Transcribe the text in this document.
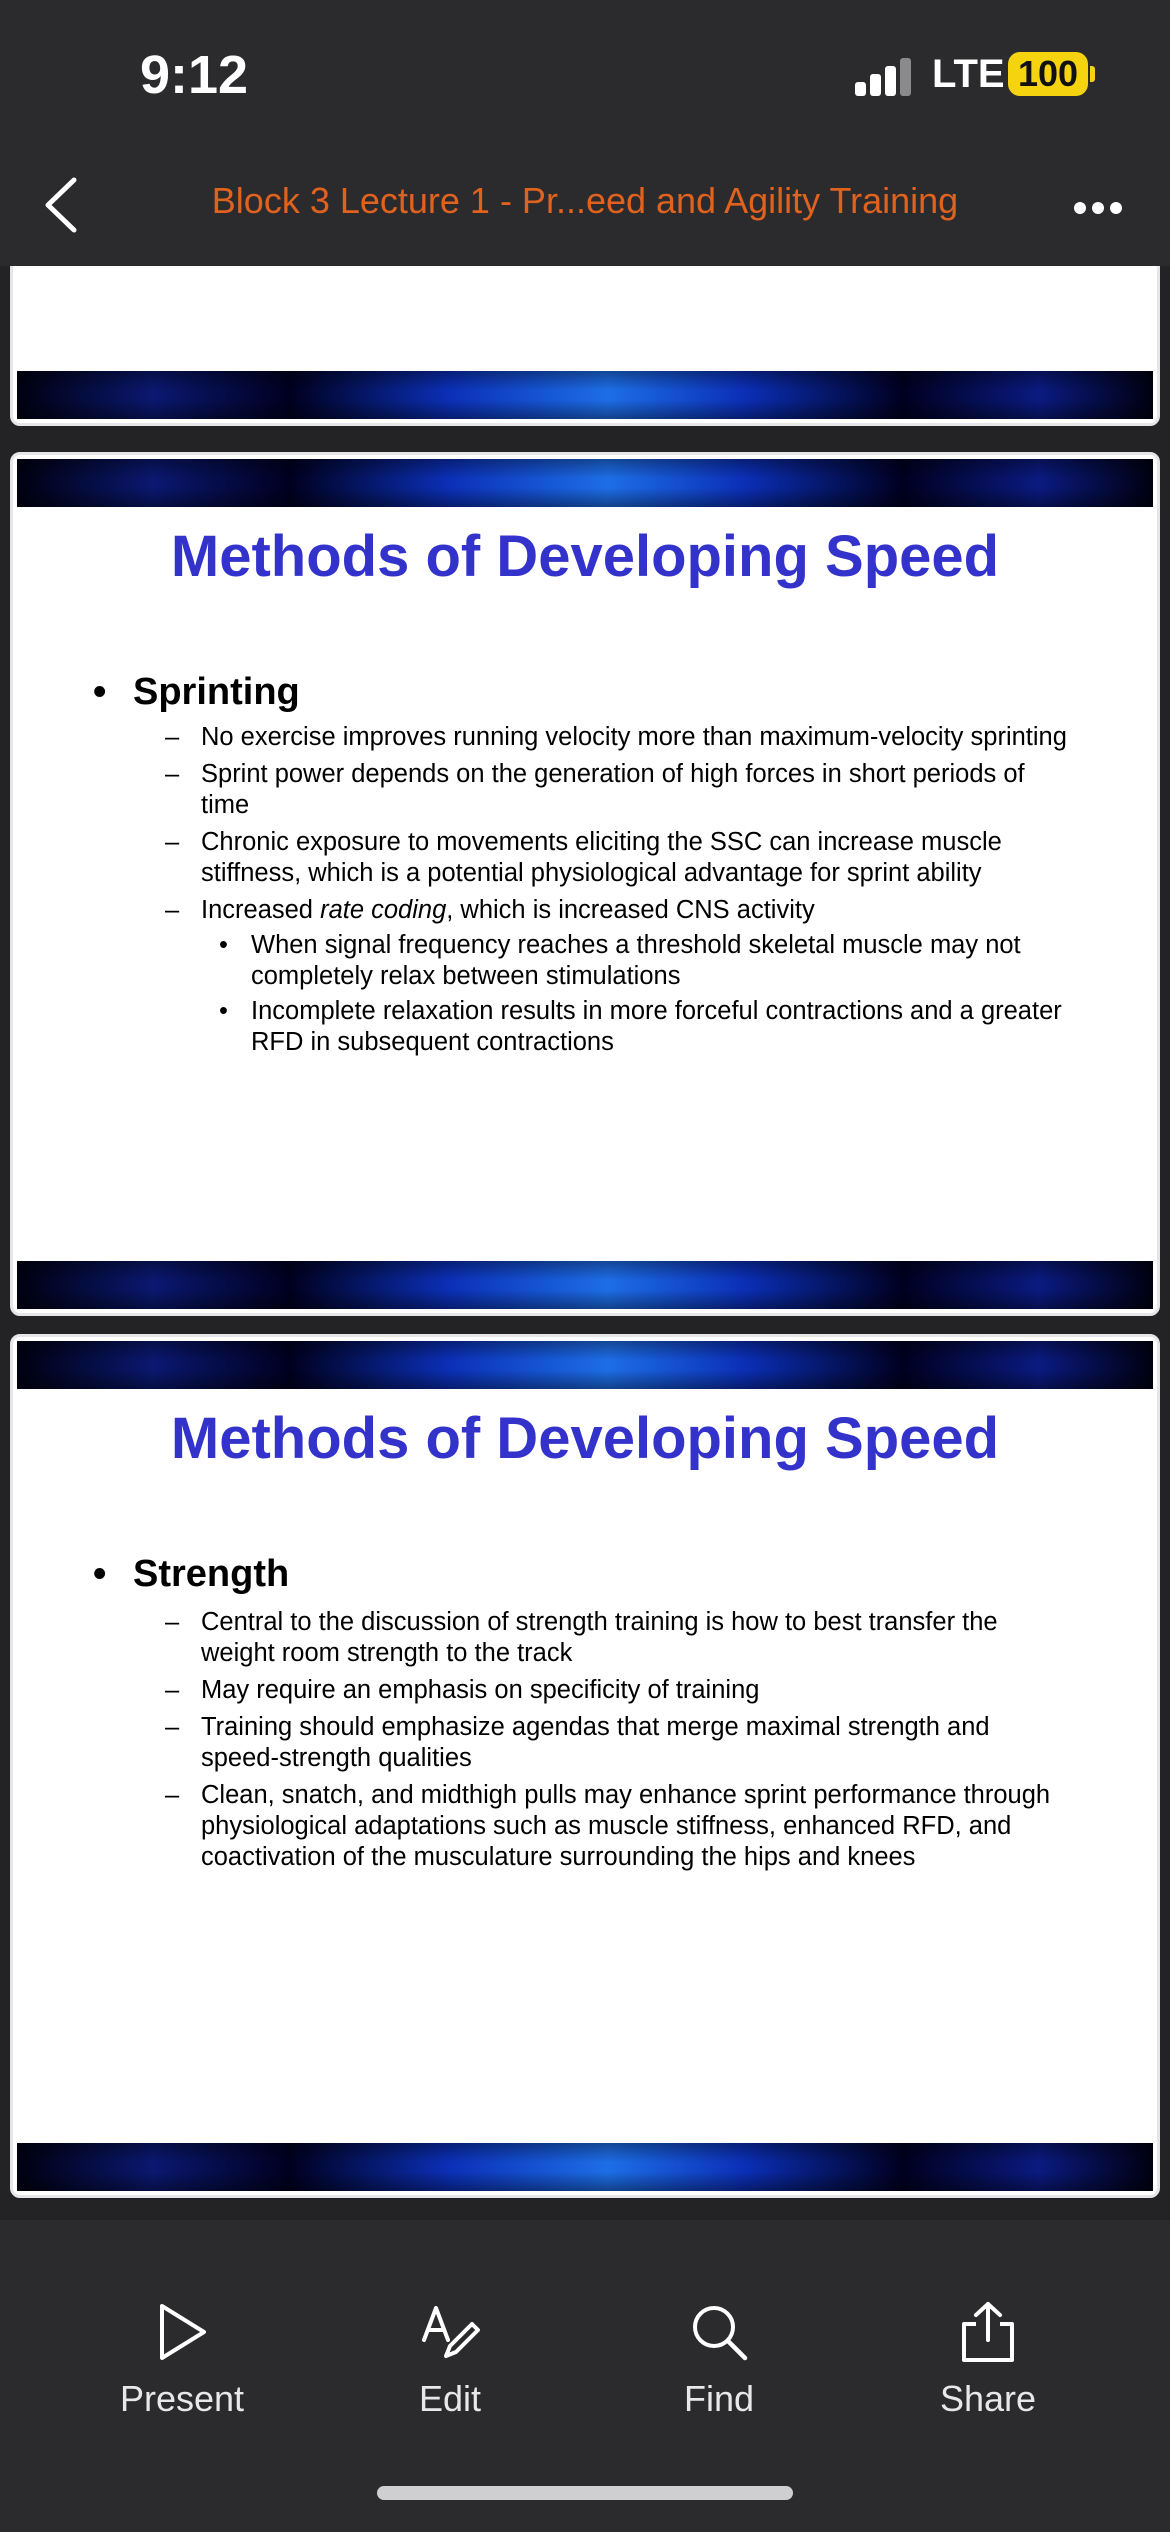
9:12	LTE 100
Block 3 Lecture 1 - Pr...eed and Agility Training
Methods of Developing Speed
• Sprinting
– No exercise improves running velocity more than maximum-velocity sprinting
– Sprint power depends on the generation of high forces in short periods of time
– Chronic exposure to movements eliciting the SSC can increase muscle stiffness, which is a potential physiological advantage for sprint ability
– Increased rate coding, which is increased CNS activity
• When signal frequency reaches a threshold skeletal muscle may not completely relax between stimulations
• Incomplete relaxation results in more forceful contractions and a greater RFD in subsequent contractions
Methods of Developing Speed
• Strength
– Central to the discussion of strength training is how to best transfer the weight room strength to the track
– May require an emphasis on specificity of training
– Training should emphasize agendas that merge maximal strength and speed-strength qualities
– Clean, snatch, and midthigh pulls may enhance sprint performance through physiological adaptations such as muscle stiffness, enhanced RFD, and coactivation of the musculature surrounding the hips and knees
Present	Edit	Find	Share
